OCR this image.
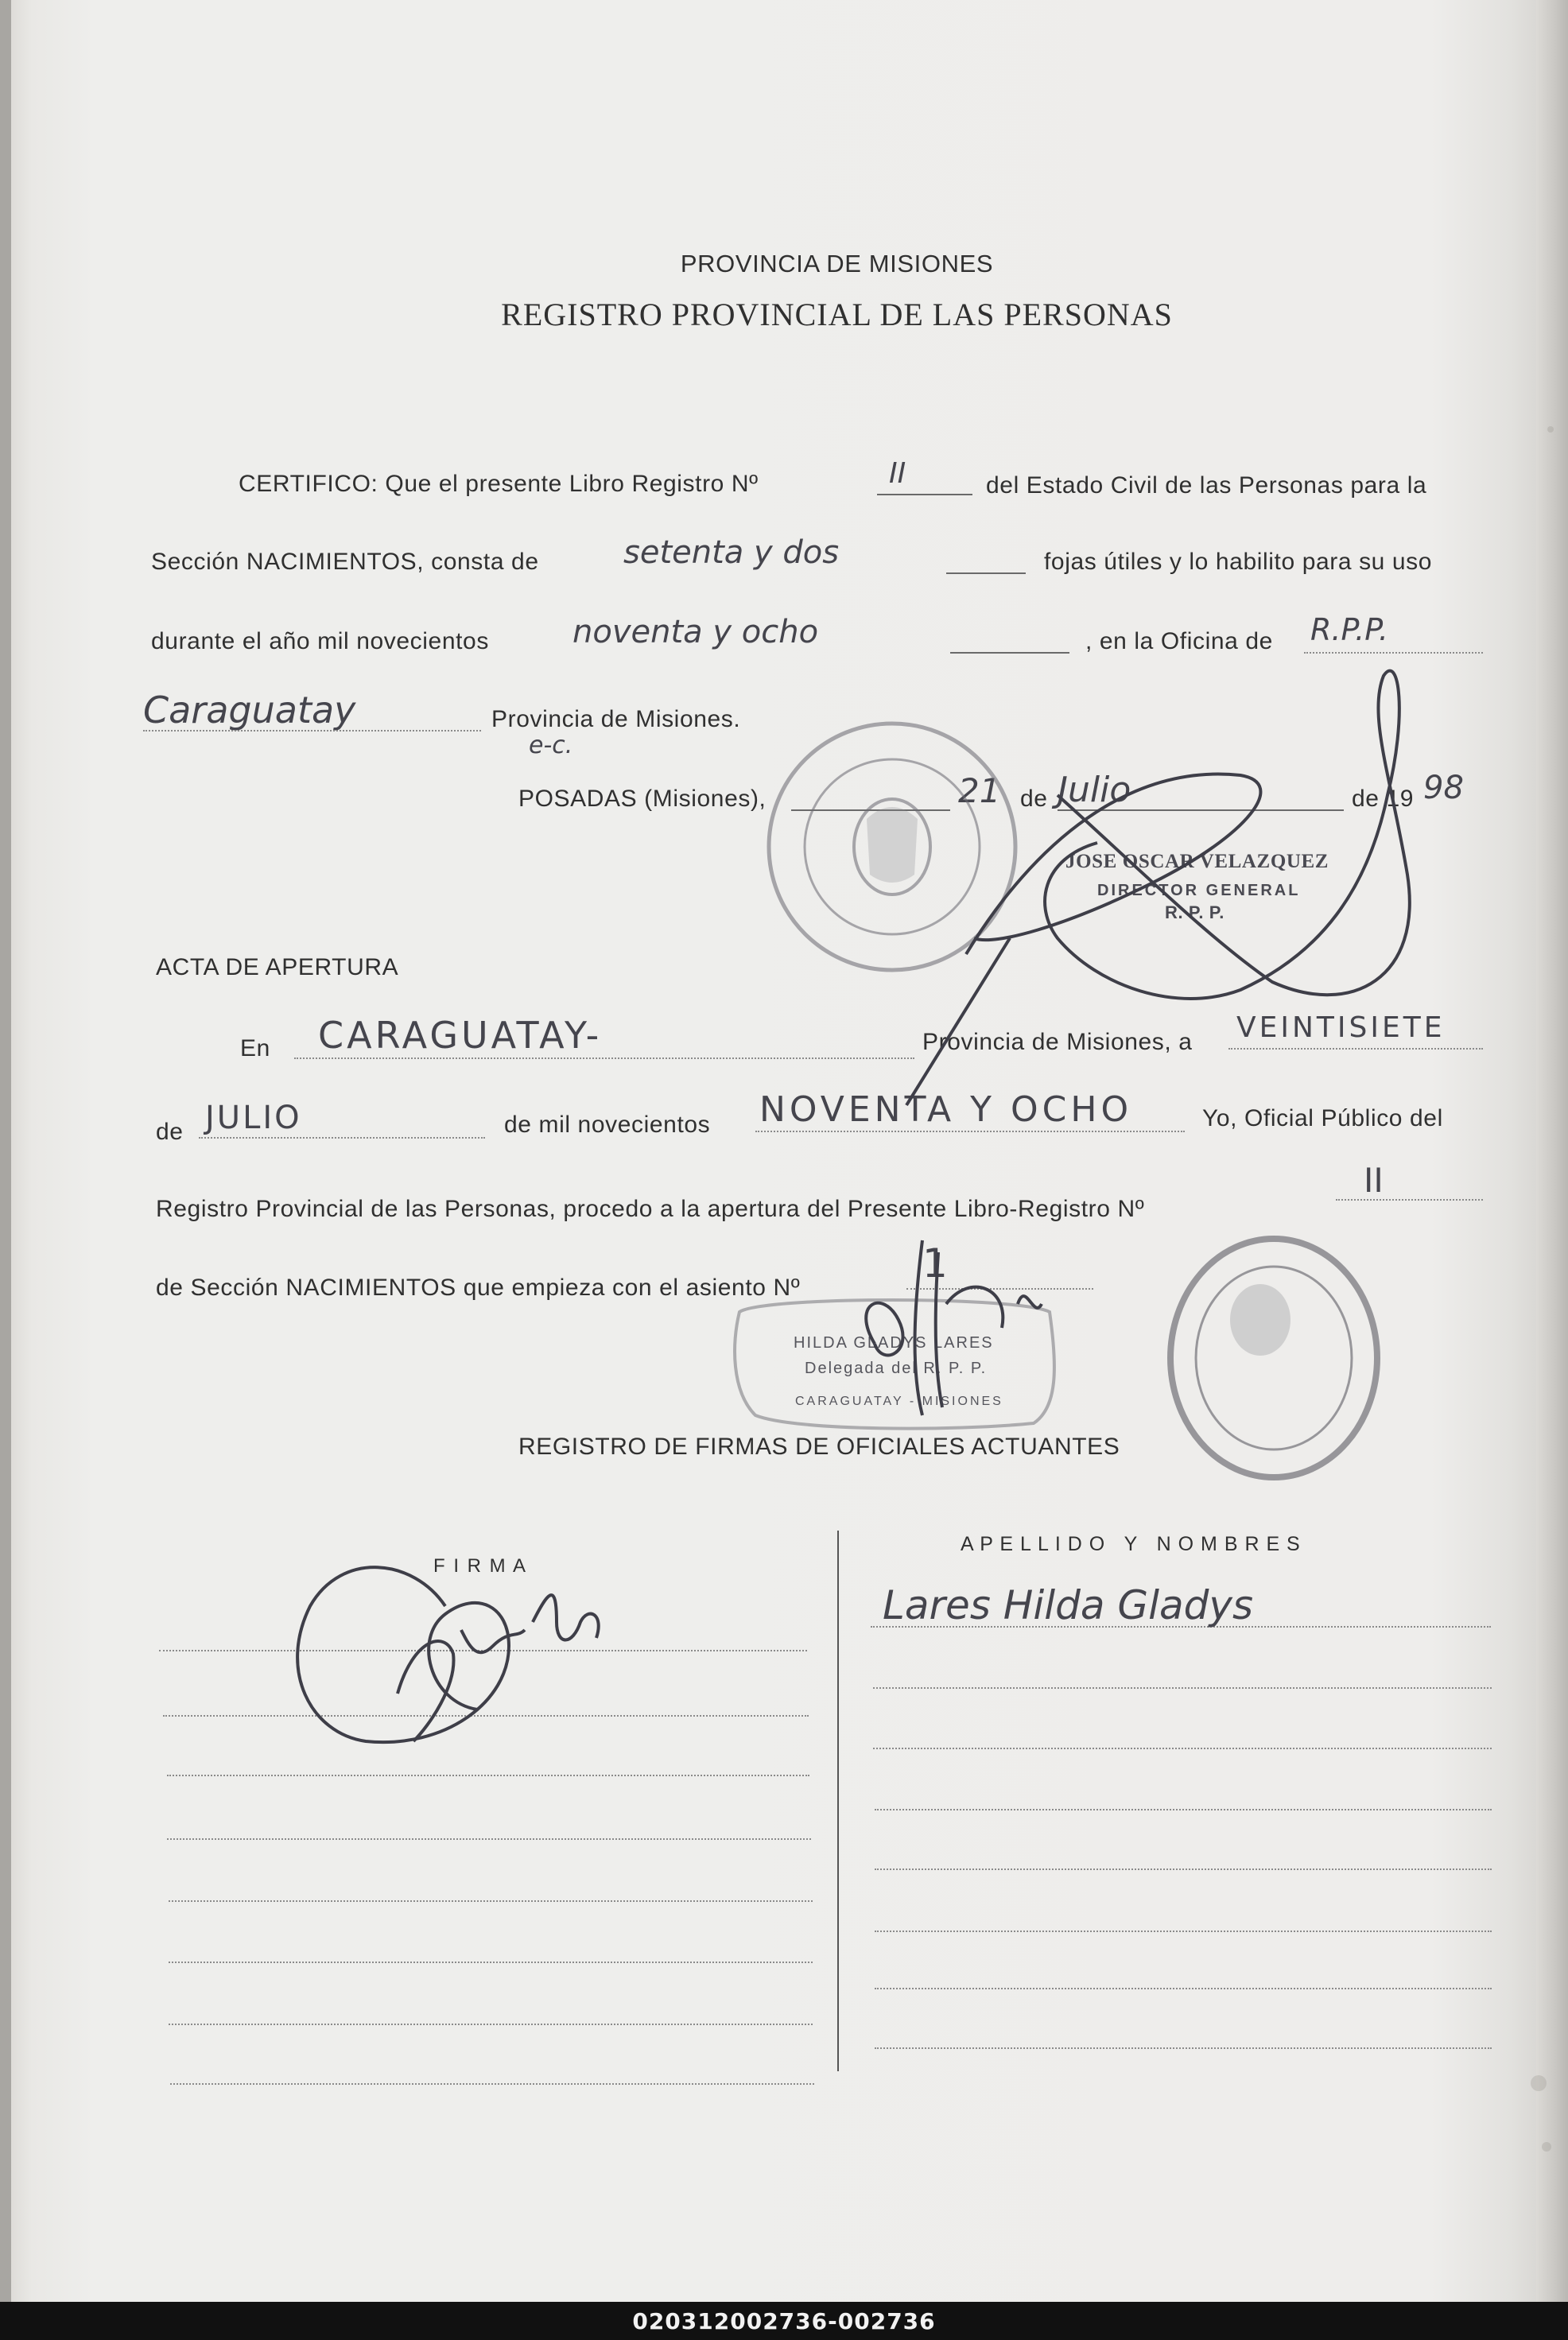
PROVINCIA DE MISIONES
REGISTRO PROVINCIAL DE LAS PERSONAS
CERTIFICO: Que el presente Libro Registro Nº	II	del Estado Civil de las Personas para la
Sección NACIMIENTOS, consta de	setenta y dos	fojas útiles y lo habilito para su uso
durante el año mil novecientos	noventa y ocho	, en la Oficina de R.P.P.
Caraguatay	Provincia de Misiones.
e-c.
POSADAS (Misiones),	21 de Julio	de 19 98
JOSE OSCAR VELAZQUEZ
DIRECTOR GENERAL
R. P. P.
ACTA DE APERTURA
En CARAGUATAY-	Provincia de Misiones, a VEINTISIETE
de JULIO	de mil novecientos NOVENTA Y OCHO	Yo, Oficial Público del
Registro Provincial de las Personas, procedo a la apertura del Presente Libro-Registro Nº
II
de Sección NACIMIENTOS que empieza con el asiento Nº
1
HILDA GLADYS LARES
Delegada del R. P. P.
CARAGUATAY - MISIONES
REGISTRO DE FIRMAS DE OFICIALES ACTUANTES
F I R M A
A P E L L I D O   Y   N O M B R E S
Lares Hilda Gladys
020312002736-002736
